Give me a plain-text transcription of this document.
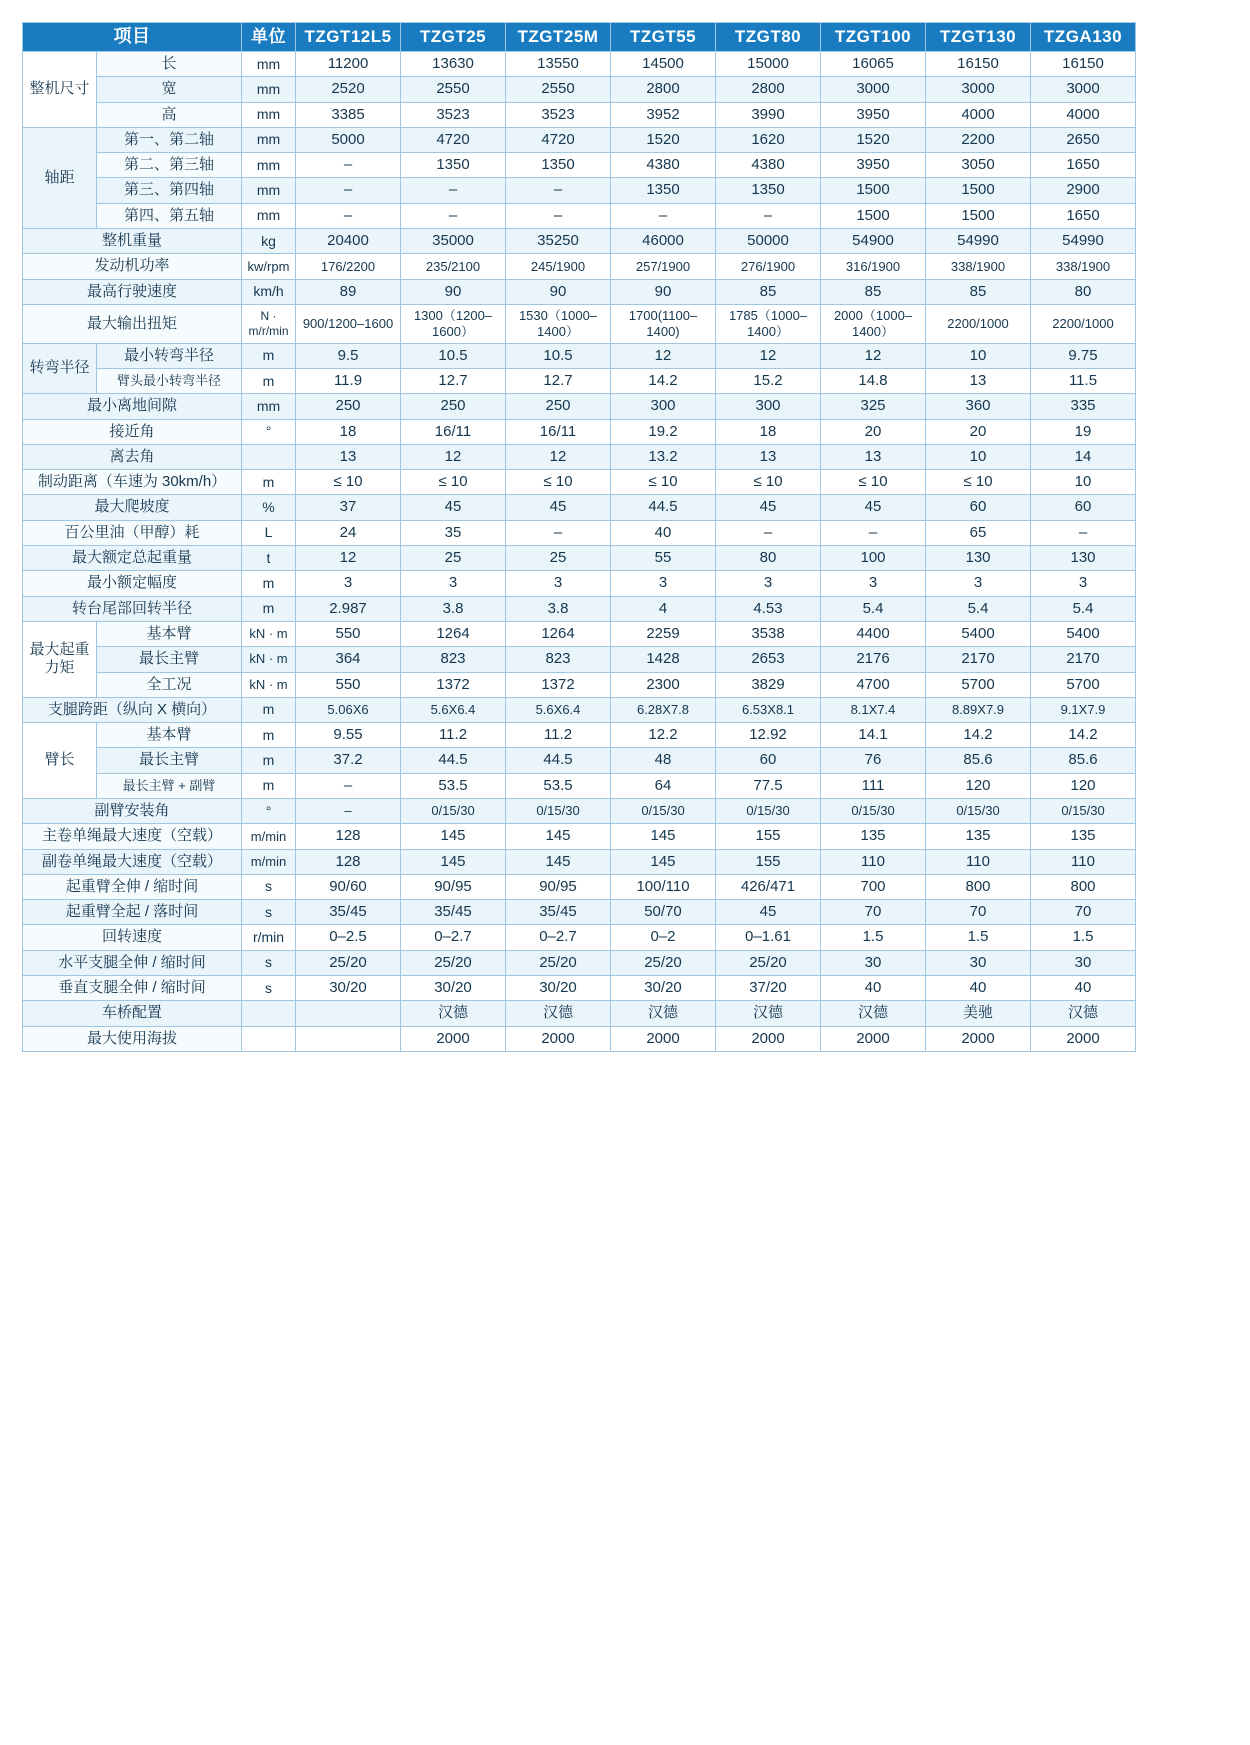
项目		单位	TZGT12L5	TZGT25	TZGT25M	TZGT55	TZGT80	TZGT100	TZGT130	TZGA130
整机尺寸	长	mm	11200	13630	13550	14500	15000	16065	16150	16150
	宽	mm	2520	2550	2550	2800	2800	3000	3000	3000
	高	mm	3385	3523	3523	3952	3990	3950	4000	4000
轴距	第一、第二轴	mm	5000	4720	4720	1520	1620	1520	2200	2650
	第二、第三轴	mm	–	1350	1350	4380	4380	3950	3050	1650
	第三、第四轴	mm	–	–	–	1350	1350	1500	1500	2900
	第四、第五轴	mm	–	–	–	–	–	1500	1500	1650
整机重量		kg	20400	35000	35250	46000	50000	54900	54990	54990
发动机功率		kw/rpm	176/2200	235/2100	245/1900	257/1900	276/1900	316/1900	338/1900	338/1900
最高行驶速度		km/h	89	90	90	90	85	85	85	80
最大输出扭矩		N · m/r/min	900/1200–1600	1300（1200–1600）	1530（1000–1400）	1700(1100–1400)	1785（1000–1400）	2000（1000–1400）	2200/1000	2200/1000
转弯半径	最小转弯半径	m	9.5	10.5	10.5	12	12	12	10	9.75
	臂头最小转弯半径	m	11.9	12.7	12.7	14.2	15.2	14.8	13	11.5
最小离地间隙		mm	250	250	250	300	300	325	360	335
接近角		°	18	16/11	16/11	19.2	18	20	20	19
离去角			13	12	12	13.2	13	13	10	14
制动距离（车速为 30km/h）		m	≤ 10	≤ 10	≤ 10	≤ 10	≤ 10	≤ 10	≤ 10	10
最大爬坡度		%	37	45	45	44.5	45	45	60	60
百公里油（甲醇）耗		L	24	35	–	40	–	–	65	–
最大额定总起重量		t	12	25	25	55	80	100	130	130
最小额定幅度		m	3	3	3	3	3	3	3	3
转台尾部回转半径		m	2.987	3.8	3.8	4	4.53	5.4	5.4	5.4
最大起重力矩	基本臂	kN · m	550	1264	1264	2259	3538	4400	5400	5400
	最长主臂	kN · m	364	823	823	1428	2653	2176	2170	2170
	全工况	kN · m	550	1372	1372	2300	3829	4700	5700	5700
支腿跨距（纵向 X 横向）		m	5.06X6	5.6X6.4	5.6X6.4	6.28X7.8	6.53X8.1	8.1X7.4	8.89X7.9	9.1X7.9
臂长	基本臂	m	9.55	11.2	11.2	12.2	12.92	14.1	14.2	14.2
	最长主臂	m	37.2	44.5	44.5	48	60	76	85.6	85.6
	最长主臂 + 副臂	m	–	53.5	53.5	64	77.5	111	120	120
副臂安装角		°	–	0/15/30	0/15/30	0/15/30	0/15/30	0/15/30	0/15/30	0/15/30
主卷单绳最大速度（空载）		m/min	128	145	145	145	155	135	135	135
副卷单绳最大速度（空载）		m/min	128	145	145	145	155	110	110	110
起重臂全伸 / 缩时间		s	90/60	90/95	90/95	100/110	426/471	700	800	800
起重臂全起 / 落时间		s	35/45	35/45	35/45	50/70	45	70	70	70
回转速度		r/min	0–2.5	0–2.7	0–2.7	0–2	0–1.61	1.5	1.5	1.5
水平支腿全伸 / 缩时间		s	25/20	25/20	25/20	25/20	25/20	30	30	30
垂直支腿全伸 / 缩时间		s	30/20	30/20	30/20	30/20	37/20	40	40	40
车桥配置				汉德	汉德	汉德	汉德	汉德	美驰	汉德
最大使用海拔				2000	2000	2000	2000	2000	2000	2000
